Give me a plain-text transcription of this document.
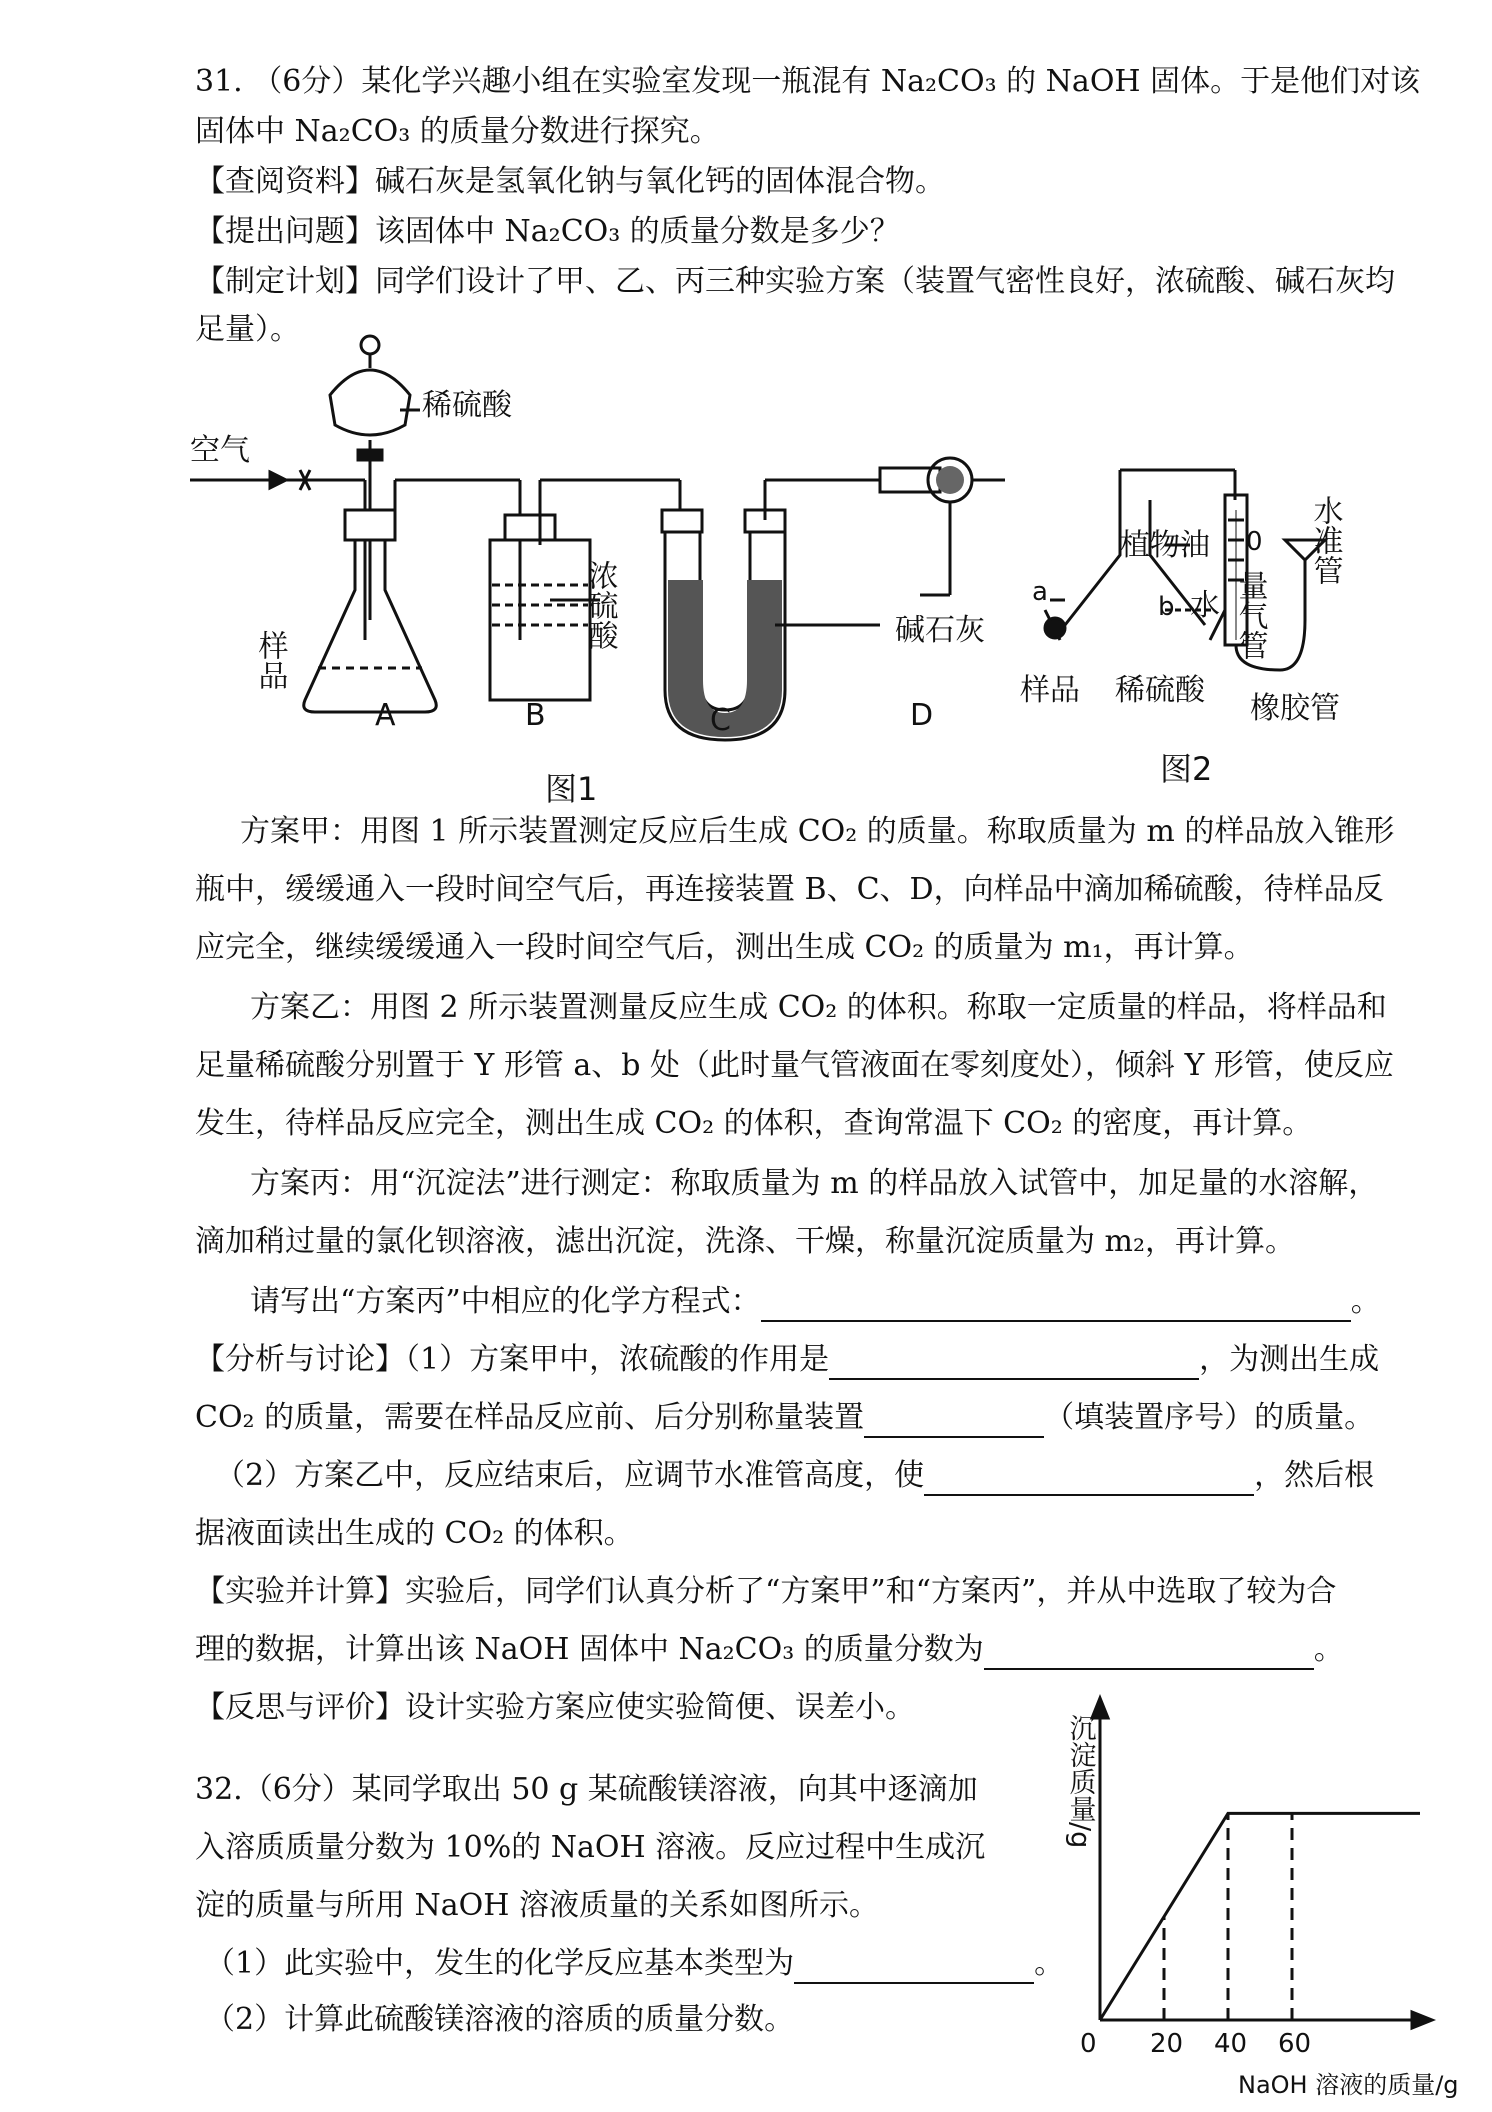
31. （6分）某化学兴趣小组在实验室发现一瓶混有 Na₂CO₃ 的 NaOH 固体。于是他们对该
固体中 Na₂CO₃ 的质量分数进行探究。
【查阅资料】碱石灰是氢氧化钠与氧化钙的固体混合物。
【提出问题】该固体中 Na₂CO₃ 的质量分数是多少？
【制定计划】同学们设计了甲、乙、丙三种实验方案（装置气密性良好，浓硫酸、碱石灰均
足量）。
空气
稀硫酸
样品
浓硫酸	碱石灰
A	B	C	D
图1
植物油 0
a	b 水 量气管
水准管
样品 稀硫酸
橡胶管
图2
方案甲：用图 1 所示装置测定反应后生成 CO₂ 的质量。称取质量为 m 的样品放入锥形
瓶中，缓缓通入一段时间空气后，再连接装置 B、C、D，向样品中滴加稀硫酸，待样品反
应完全，继续缓缓通入一段时间空气后，测出生成 CO₂ 的质量为 m₁，再计算。
方案乙：用图 2 所示装置测量反应生成 CO₂ 的体积。称取一定质量的样品，将样品和
足量稀硫酸分别置于 Y 形管 a、b 处（此时量气管液面在零刻度处），倾斜 Y 形管，使反应
发生，待样品反应完全，测出生成 CO₂ 的体积，查询常温下 CO₂ 的密度，再计算。
方案丙：用“沉淀法”进行测定：称取质量为 m 的样品放入试管中，加足量的水溶解，
滴加稍过量的氯化钡溶液，滤出沉淀，洗涤、干燥，称量沉淀质量为 m₂，再计算。
请写出“方案丙”中相应的化学方程式：	。
【分析与讨论】（1）方案甲中，浓硫酸的作用是	，为测出生成
CO₂ 的质量，需要在样品反应前、后分别称量装置	（填装置序号）的质量。
（2）方案乙中，反应结束后，应调节水准管高度，使	，然后根
据液面读出生成的 CO₂ 的体积。
【实验并计算】实验后，同学们认真分析了“方案甲”和“方案丙”，并从中选取了较为合
理的数据，计算出该 NaOH 固体中 Na₂CO₃ 的质量分数为	。
【反思与评价】设计实验方案应使实验简便、误差小。
32.（6分）某同学取出 50 g 某硫酸镁溶液，向其中逐滴加
入溶质质量分数为 10%的 NaOH 溶液。反应过程中生成沉
淀的质量与所用 NaOH 溶液质量的关系如图所示。
（1）此实验中，发生的化学反应基本类型为	。
（2）计算此硫酸镁溶液的溶质的质量分数。
20 40 60
沉淀质量/g
0
NaOH 溶液的质量/g
